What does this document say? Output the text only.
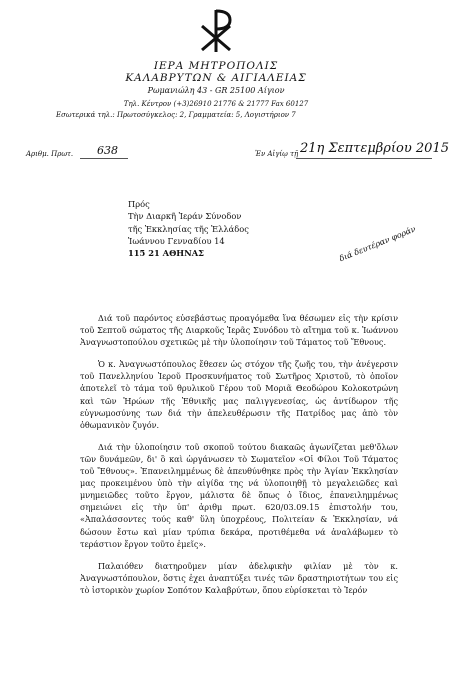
ΙΕΡΑ ΜΗΤΡΟΠΟΛΙΣ
ΚΑΛΑΒΡΥΤΩΝ & ΑΙΓΙΑΛΕΙΑΣ
Ρωμανιώλη 43 - GR 25100 Αίγιον
Τηλ. Κέντρον (+3)26910 21776 & 21777 Fax 60127
Εσωτερικά τηλ.: Πρωτοσύγκελος: 2, Γραμματεία: 5, Λογιστήριον 7
Αριθμ. Πρωτ. 638	Ἐν Αἰγίῳ τῇ 21η Σεπτεμβρίου 2015
Πρός
Τὴν Διαρκῆ Ἱεράν Σύνοδον
τῆς Ἐκκλησίας τῆς Ἑλλάδος
Ἰωάννου Γενναδίου 14
115 21 ΑΘΗΝΑΣ	διά δευτέραν φοράν

Διά τοῦ παρόντος εὐσεβάστως προαγόμεθα ἵνα θέσωμεν εἰς τὴν κρίσιν τοῦ Σεπτοῦ σώματος τῆς Διαρκοῦς Ἱερᾶς Συνόδου τὸ αἴτημα τοῦ κ. Ἰωάννου Ἀναγνωστοπούλου σχετικῶς μὲ τὴν ὑλοποίησιν τοῦ Τάματος τοῦ Ἔθνους.

Ὁ κ. Ἀναγνωστόπουλος ἔθεσεν ὡς στόχον τῆς ζωῆς του, τὴν ἀνέγερσιν τοῦ Πανελληνίου Ἱεροῦ Προσκυνήματος τοῦ Σωτῆρος Χριστοῦ, τὸ ὁποῖον ἀποτελεῖ τὸ τάμα τοῦ θρυλικοῦ Γέρου τοῦ Μοριᾶ Θεοδώρου Κολοκοτρώνη καὶ τῶν Ἡρώων τῆς Ἐθνικῆς μας παλιγγενεσίας, ὡς ἀντίδωρον τῆς εὐγνωμοσύνης των διά τὴν ἀπελευθέρωσιν τῆς Πατρίδος μας ἀπὸ τὸν ὀθωμανικὸν ζυγόν.

Διά τὴν ὑλοποίησιν τοῦ σκοποῦ τούτου διακαῶς ἀγωνίζεται μεθ'ὅλων τῶν δυνάμεῶν, δι' ὃ καὶ ὡργάνωσεν τὸ Σωματεῖον «Οἱ Φίλοι Τοῦ Τάματος τοῦ Ἔθνους». Ἐπανειλημμένως δὲ ἀπευθύνθηκε πρὸς τὴν Ἁγίαν Ἐκκλησίαν μας προκειμένου ὑπὸ τὴν αἰγίδα της νά ὑλοποιηθῇ τὸ μεγαλειῶδες καὶ μνημειῶδες τοῦτο ἔργον, μάλιστα δὲ ὅπως ὁ ἴδιος, ἐπανειλημμένως σημειώνει εἰς τὴν ὑπ' ἀριθμ πρωτ. 620/03.09.15 ἐπιστολήν του, «Ἀπαλάσσοντες τούς καθ' ὕλη ὑποχρέους, Πολιτείαν & Ἐκκλησίαν, νά δώσουν ἔστω καὶ μίαν τρύπια δεκάρα, προτιθέμεθα νά ἀναλάβωμεν τὸ τεράστιον ἔργον τοῦτο ἐμεῖς».

Παλαιόθεν διατηροῦμεν μίαν ἀδελφικὴν φιλίαν μὲ τὸν κ. Ἀναγνωστόπουλον, ὅστις ἐχει ἀναπτύξει τινές τῶν δραστηριοτήτων του εἰς τὸ ἱστορικὸν χωρίον Σοπότον Καλαβρύτων, ὅπου εὑρίσκεται τὸ Ἱερόν
